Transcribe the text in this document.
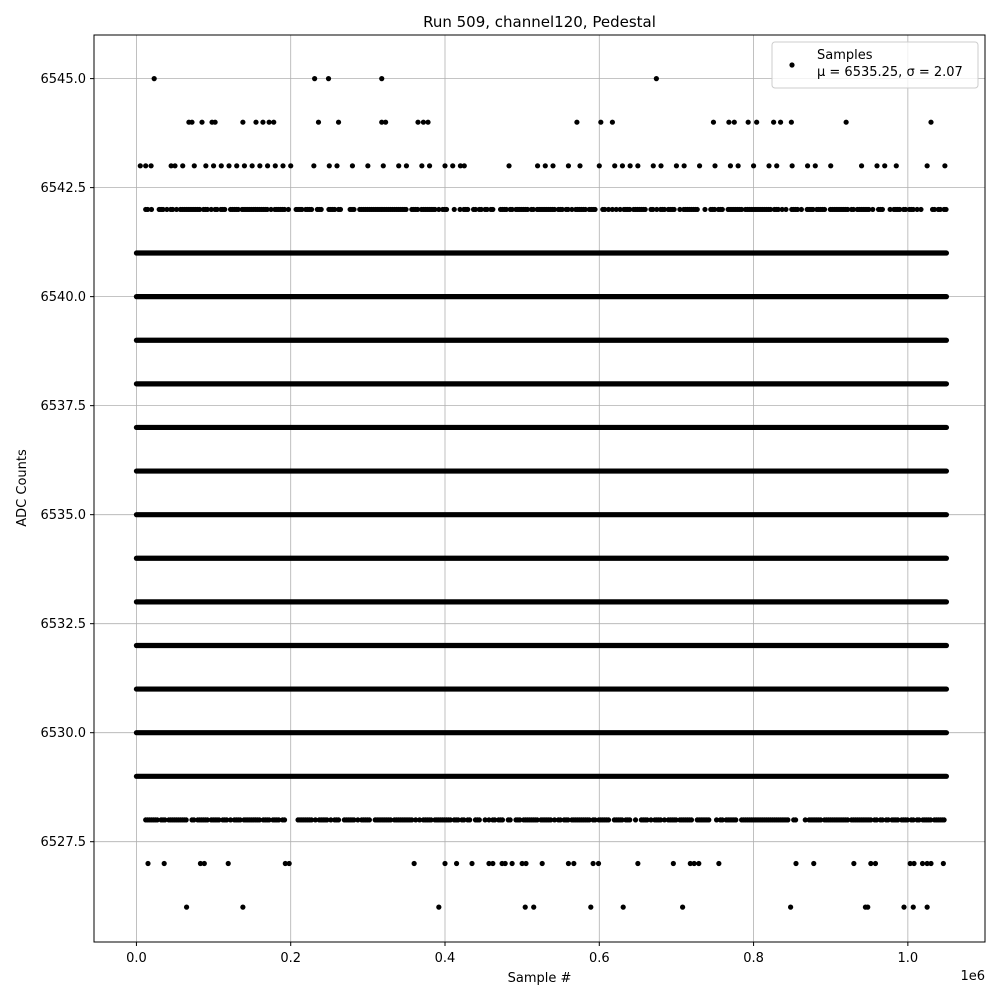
0.0	0.2	0.4	0.6	0.8	1.0
6527.5
6530.0
6532.5
6535.0
6537.5
6540.0
6542.5
6545.0
Run 509, channel120, Pedestal
Sample #
ADC Counts
1e6
Samples
μ = 6535.25, σ = 2.07
